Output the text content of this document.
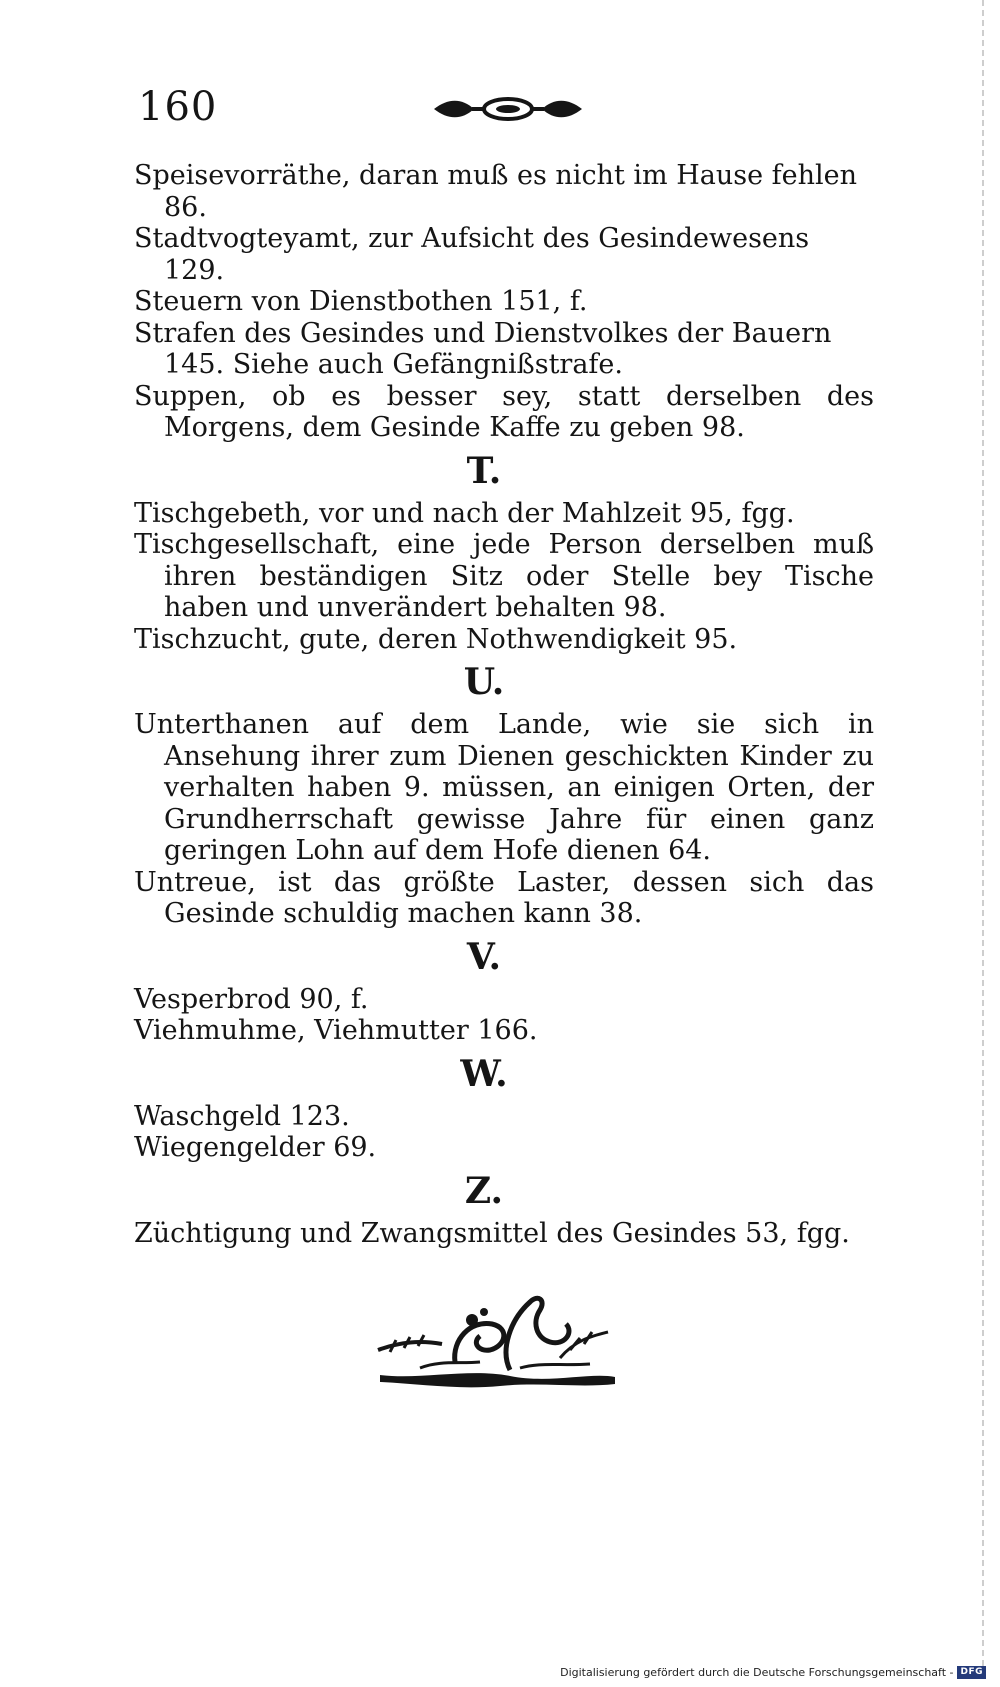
160

Speisevorräthe, daran muß es nicht im Hause fehlen 86.

Stadtvogteyamt, zur Aufsicht des Gesindewesens 129.

Steuern von Dienstbothen 151, f.

Strafen des Gesindes und Dienstvolkes der Bauern 145. Siehe auch Gefängnißstrafe.

Suppen, ob es besser sey, statt derselben des Morgens, dem Gesinde Kaffe zu geben 98.

T.

Tischgebeth, vor und nach der Mahlzeit 95, fgg.

Tischgesellschaft, eine jede Person derselben muß ihren beständigen Sitz oder Stelle bey Tische haben und unverändert behalten 98.

Tischzucht, gute, deren Nothwendigkeit 95.

U.

Unterthanen auf dem Lande, wie sie sich in Ansehung ihrer zum Dienen geschickten Kinder zu verhalten haben 9. müssen, an einigen Orten, der Grundherrschaft gewisse Jahre für einen ganz geringen Lohn auf dem Hofe dienen 64.

Untreue, ist das größte Laster, dessen sich das Gesinde schuldig machen kann 38.

V.

Vesperbrod 90, f.

Viehmuhme, Viehmutter 166.

W.

Waschgeld 123.

Wiegengelder 69.

Z.

Züchtigung und Zwangsmittel des Gesindes 53, fgg.

Digitalisierung gefördert durch die Deutsche Forschungsgemeinschaft - DFG
